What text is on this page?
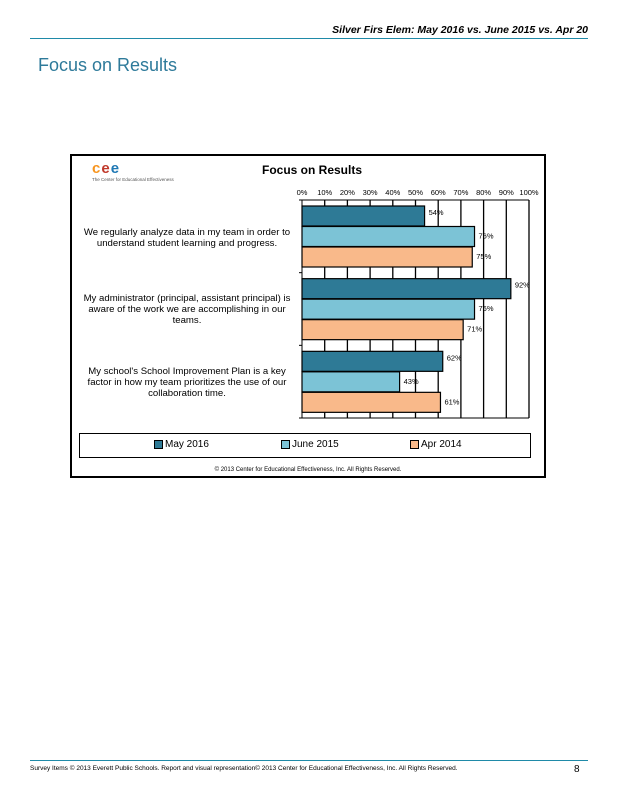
Silver Firs Elem: May 2016 vs. June 2015 vs. Apr 20
Focus on Results
cee
The Center for Educational Effectiveness
Focus on Results
We regularly analyze data in my team in order to
understand student learning and progress.
My administrator (principal, assistant principal) is
aware of the work we are accomplishing in our
teams.
My school's School Improvement Plan is a key
factor in how my team prioritizes the use of our
collaboration time.
0% 10% 20% 30% 40% 50% 60% 70% 80% 90% 100%
54%
76%
75%
92%
76%
71%
62%
43%
61%
May 2016	June 2015	Apr 2014
© 2013 Center for Educational Effectiveness, Inc. All Rights Reserved.
Survey Items © 2013 Everett Public Schools. Report and visual representation© 2013 Center for Educational Effectiveness, Inc. All Rights Reserved.	8
